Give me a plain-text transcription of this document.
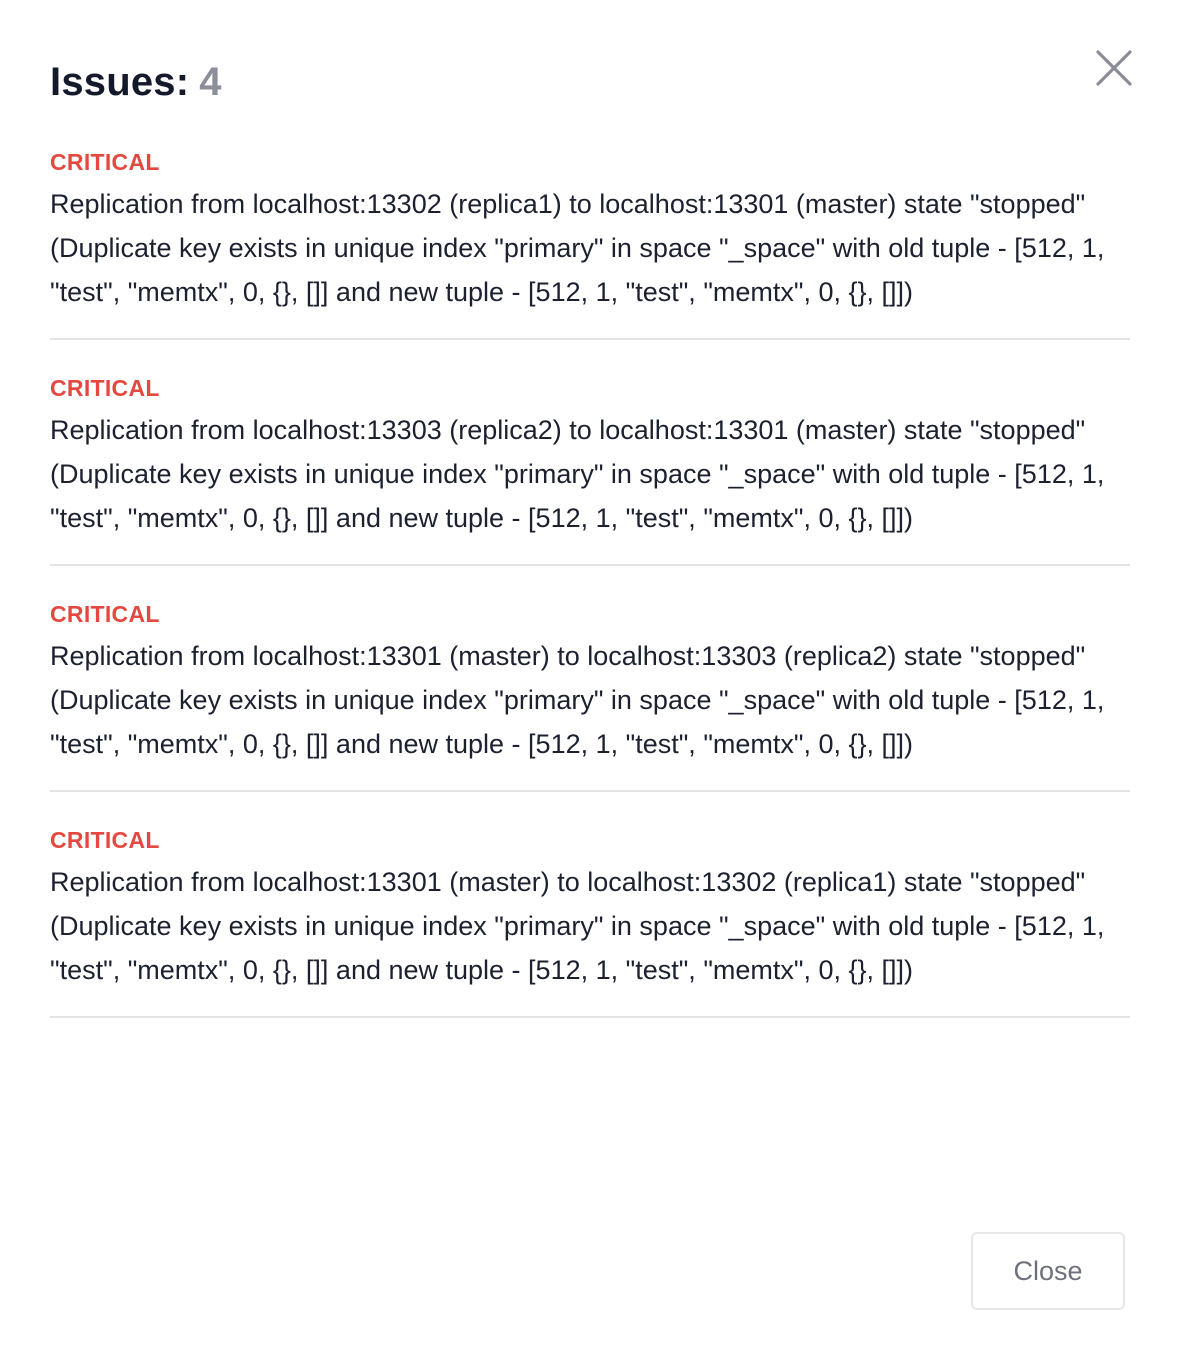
Issues: 4
CRITICAL
Replication from localhost:13302 (replica1) to localhost:13301 (master) state "stopped" (Duplicate key exists in unique index "primary" in space "_space" with old tuple - [512, 1, "test", "memtx", 0, {}, []] and new tuple - [512, 1, "test", "memtx", 0, {}, []])
CRITICAL
Replication from localhost:13303 (replica2) to localhost:13301 (master) state "stopped" (Duplicate key exists in unique index "primary" in space "_space" with old tuple - [512, 1, "test", "memtx", 0, {}, []] and new tuple - [512, 1, "test", "memtx", 0, {}, []])
CRITICAL
Replication from localhost:13301 (master) to localhost:13303 (replica2) state "stopped" (Duplicate key exists in unique index "primary" in space "_space" with old tuple - [512, 1, "test", "memtx", 0, {}, []] and new tuple - [512, 1, "test", "memtx", 0, {}, []])
CRITICAL
Replication from localhost:13301 (master) to localhost:13302 (replica1) state "stopped" (Duplicate key exists in unique index "primary" in space "_space" with old tuple - [512, 1, "test", "memtx", 0, {}, []] and new tuple - [512, 1, "test", "memtx", 0, {}, []])
Close
